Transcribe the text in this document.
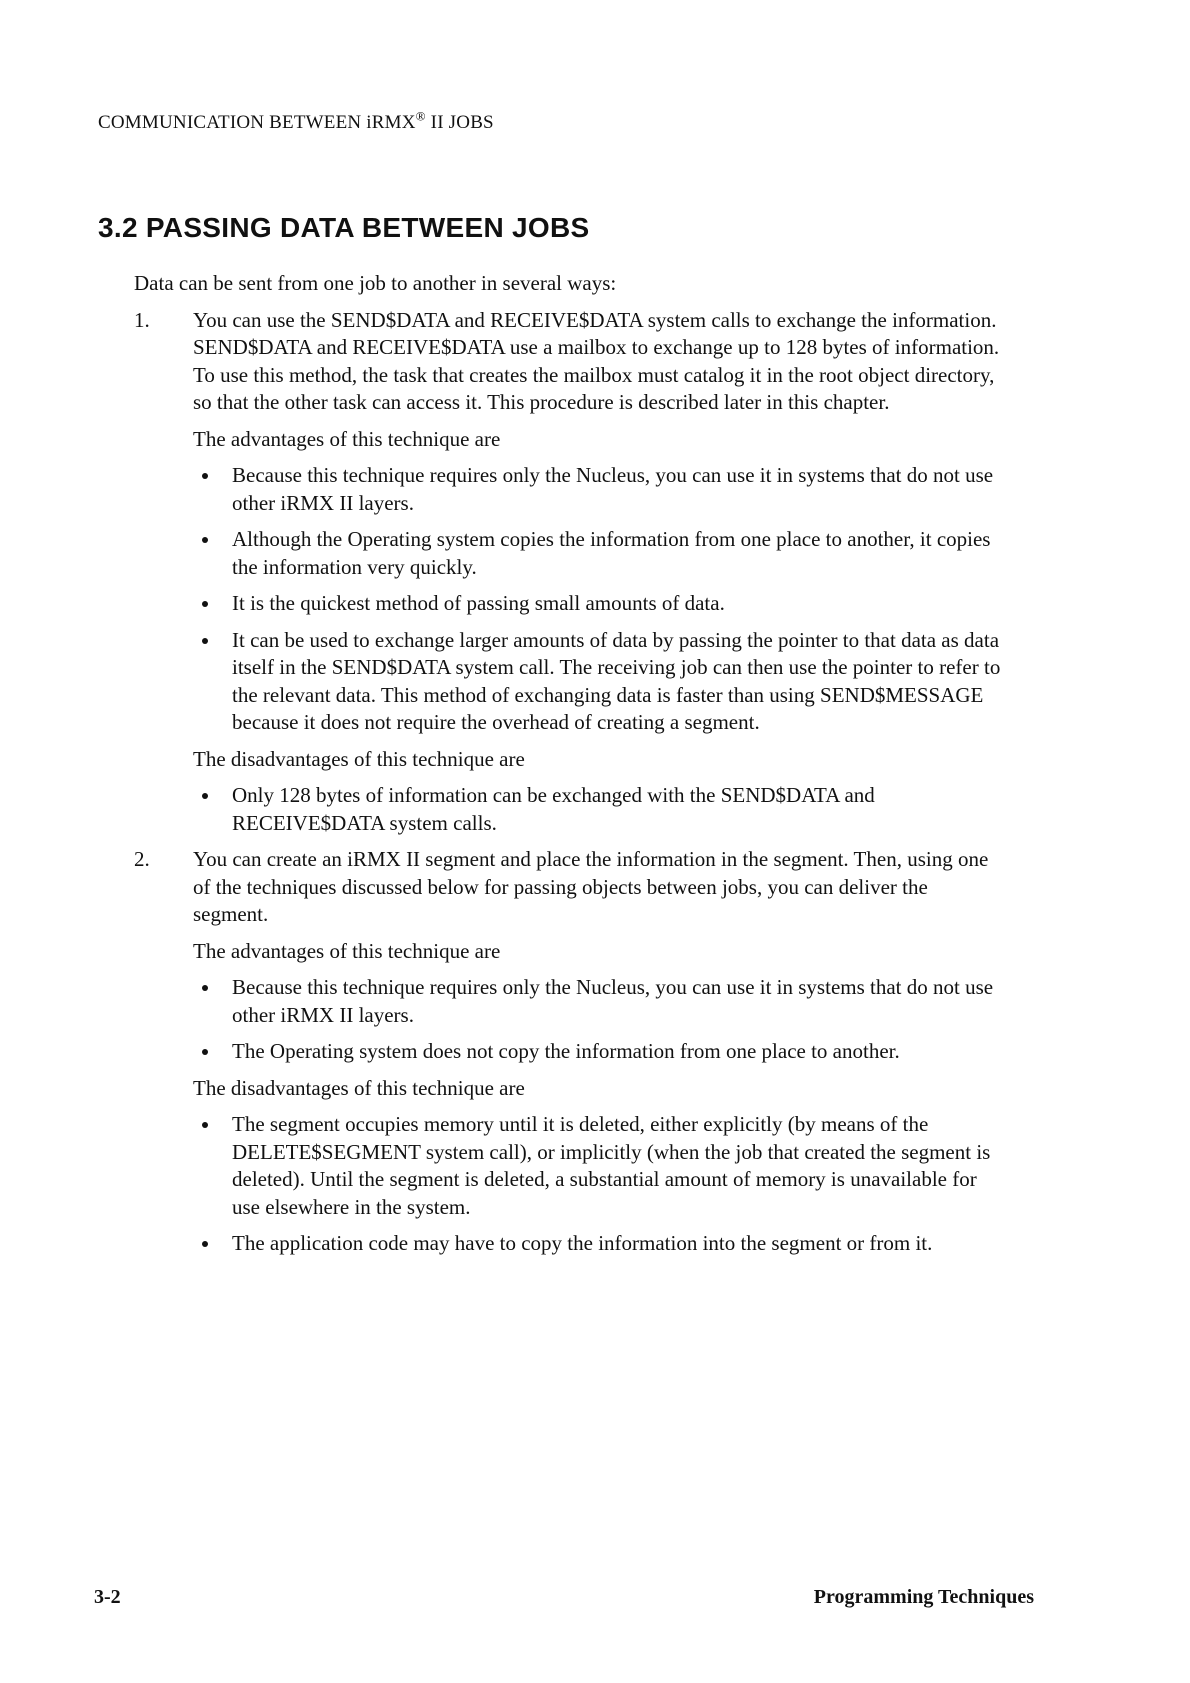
COMMUNICATION BETWEEN iRMX® II JOBS
3.2 PASSING DATA BETWEEN JOBS

Data can be sent from one job to another in several ways:

1. You can use the SEND$DATA and RECEIVE$DATA system calls to exchange the information. SEND$DATA and RECEIVE$DATA use a mailbox to exchange up to 128 bytes of information. To use this method, the task that creates the mailbox must catalog it in the root object directory, so that the other task can access it. This procedure is described later in this chapter.

The advantages of this technique are

Because this technique requires only the Nucleus, you can use it in systems that do not use other iRMX II layers.
Although the Operating system copies the information from one place to another, it copies the information very quickly.
It is the quickest method of passing small amounts of data.
It can be used to exchange larger amounts of data by passing the pointer to that data as data itself in the SEND$DATA system call. The receiving job can then use the pointer to refer to the relevant data. This method of exchanging data is faster than using SEND$MESSAGE because it does not require the overhead of creating a segment.

The disadvantages of this technique are

Only 128 bytes of information can be exchanged with the SEND$DATA and RECEIVE$DATA system calls.
2. You can create an iRMX II segment and place the information in the segment. Then, using one of the techniques discussed below for passing objects between jobs, you can deliver the segment.

The advantages of this technique are

Because this technique requires only the Nucleus, you can use it in systems that do not use other iRMX II layers.
The Operating system does not copy the information from one place to another.

The disadvantages of this technique are

The segment occupies memory until it is deleted, either explicitly (by means of the DELETE$SEGMENT system call), or implicitly (when the job that created the segment is deleted). Until the segment is deleted, a substantial amount of memory is unavailable for use elsewhere in the system.
The application code may have to copy the information into the segment or from it.
3-2	Programming Techniques
